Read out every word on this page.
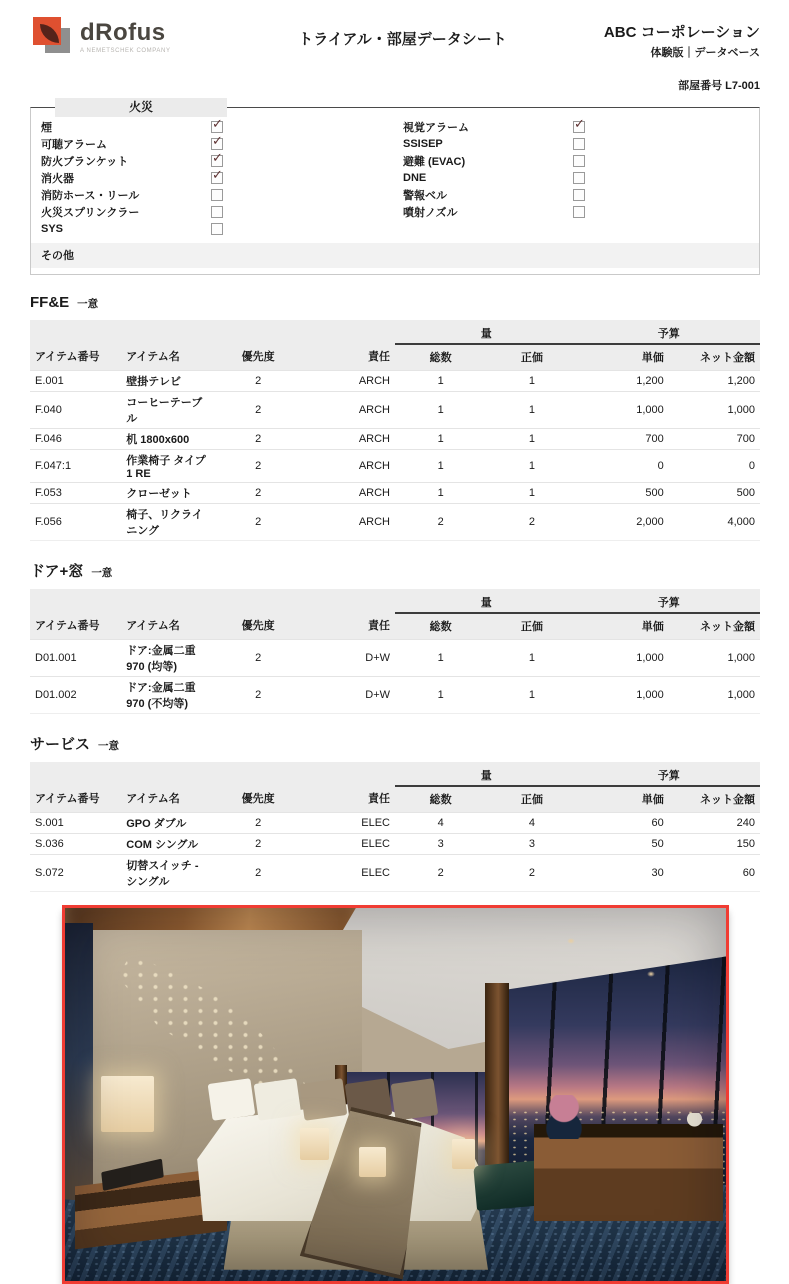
dRofus
A NEMETSCHEK COMPANY
トライアル・部屋データシート	ABC コーポレーション
体験版｜データベース
部屋番号 L7-001
火災
煙	✓
可聴アラーム	✓
防火ブランケット	✓
消火器	✓
消防ホース・リール
火災スプリンクラー
SYS
視覚アラーム	✓
SSISEP
避難 (EVAC)
DNE
警報ベル
噴射ノズル
その他
FF&E 一意
				量		予算	
アイテム番号	アイテム名	優先度	責任	総数	正価	単価	ネット金額
E.001	壁掛テレビ	2	ARCH	1	1	1,200	1,200
F.040	コーヒーテーブル	2	ARCH	1	1	1,000	1,000
F.046	机 1800x600	2	ARCH	1	1	700	700
F.047:1	作業椅子 タイプ 1 RE	2	ARCH	1	1	0	0
F.053	クローゼット	2	ARCH	1	1	500	500
F.056	椅子、リクライニング	2	ARCH	2	2	2,000	4,000
ドア+窓 一意
				量		予算	
アイテム番号	アイテム名	優先度	責任	総数	正価	単価	ネット金額
D01.001	ドア:金属二重970 (均等)	2	D+W	1	1	1,000	1,000
D01.002	ドア:金属二重970 (不均等)	2	D+W	1	1	1,000	1,000
サービス 一意
				量		予算	
アイテム番号	アイテム名	優先度	責任	総数	正価	単価	ネット金額
S.001	GPO ダブル	2	ELEC	4	4	60	240
S.036	COM シングル	2	ELEC	3	3	50	150
S.072	切替スイッチ - シングル	2	ELEC	2	2	30	60
